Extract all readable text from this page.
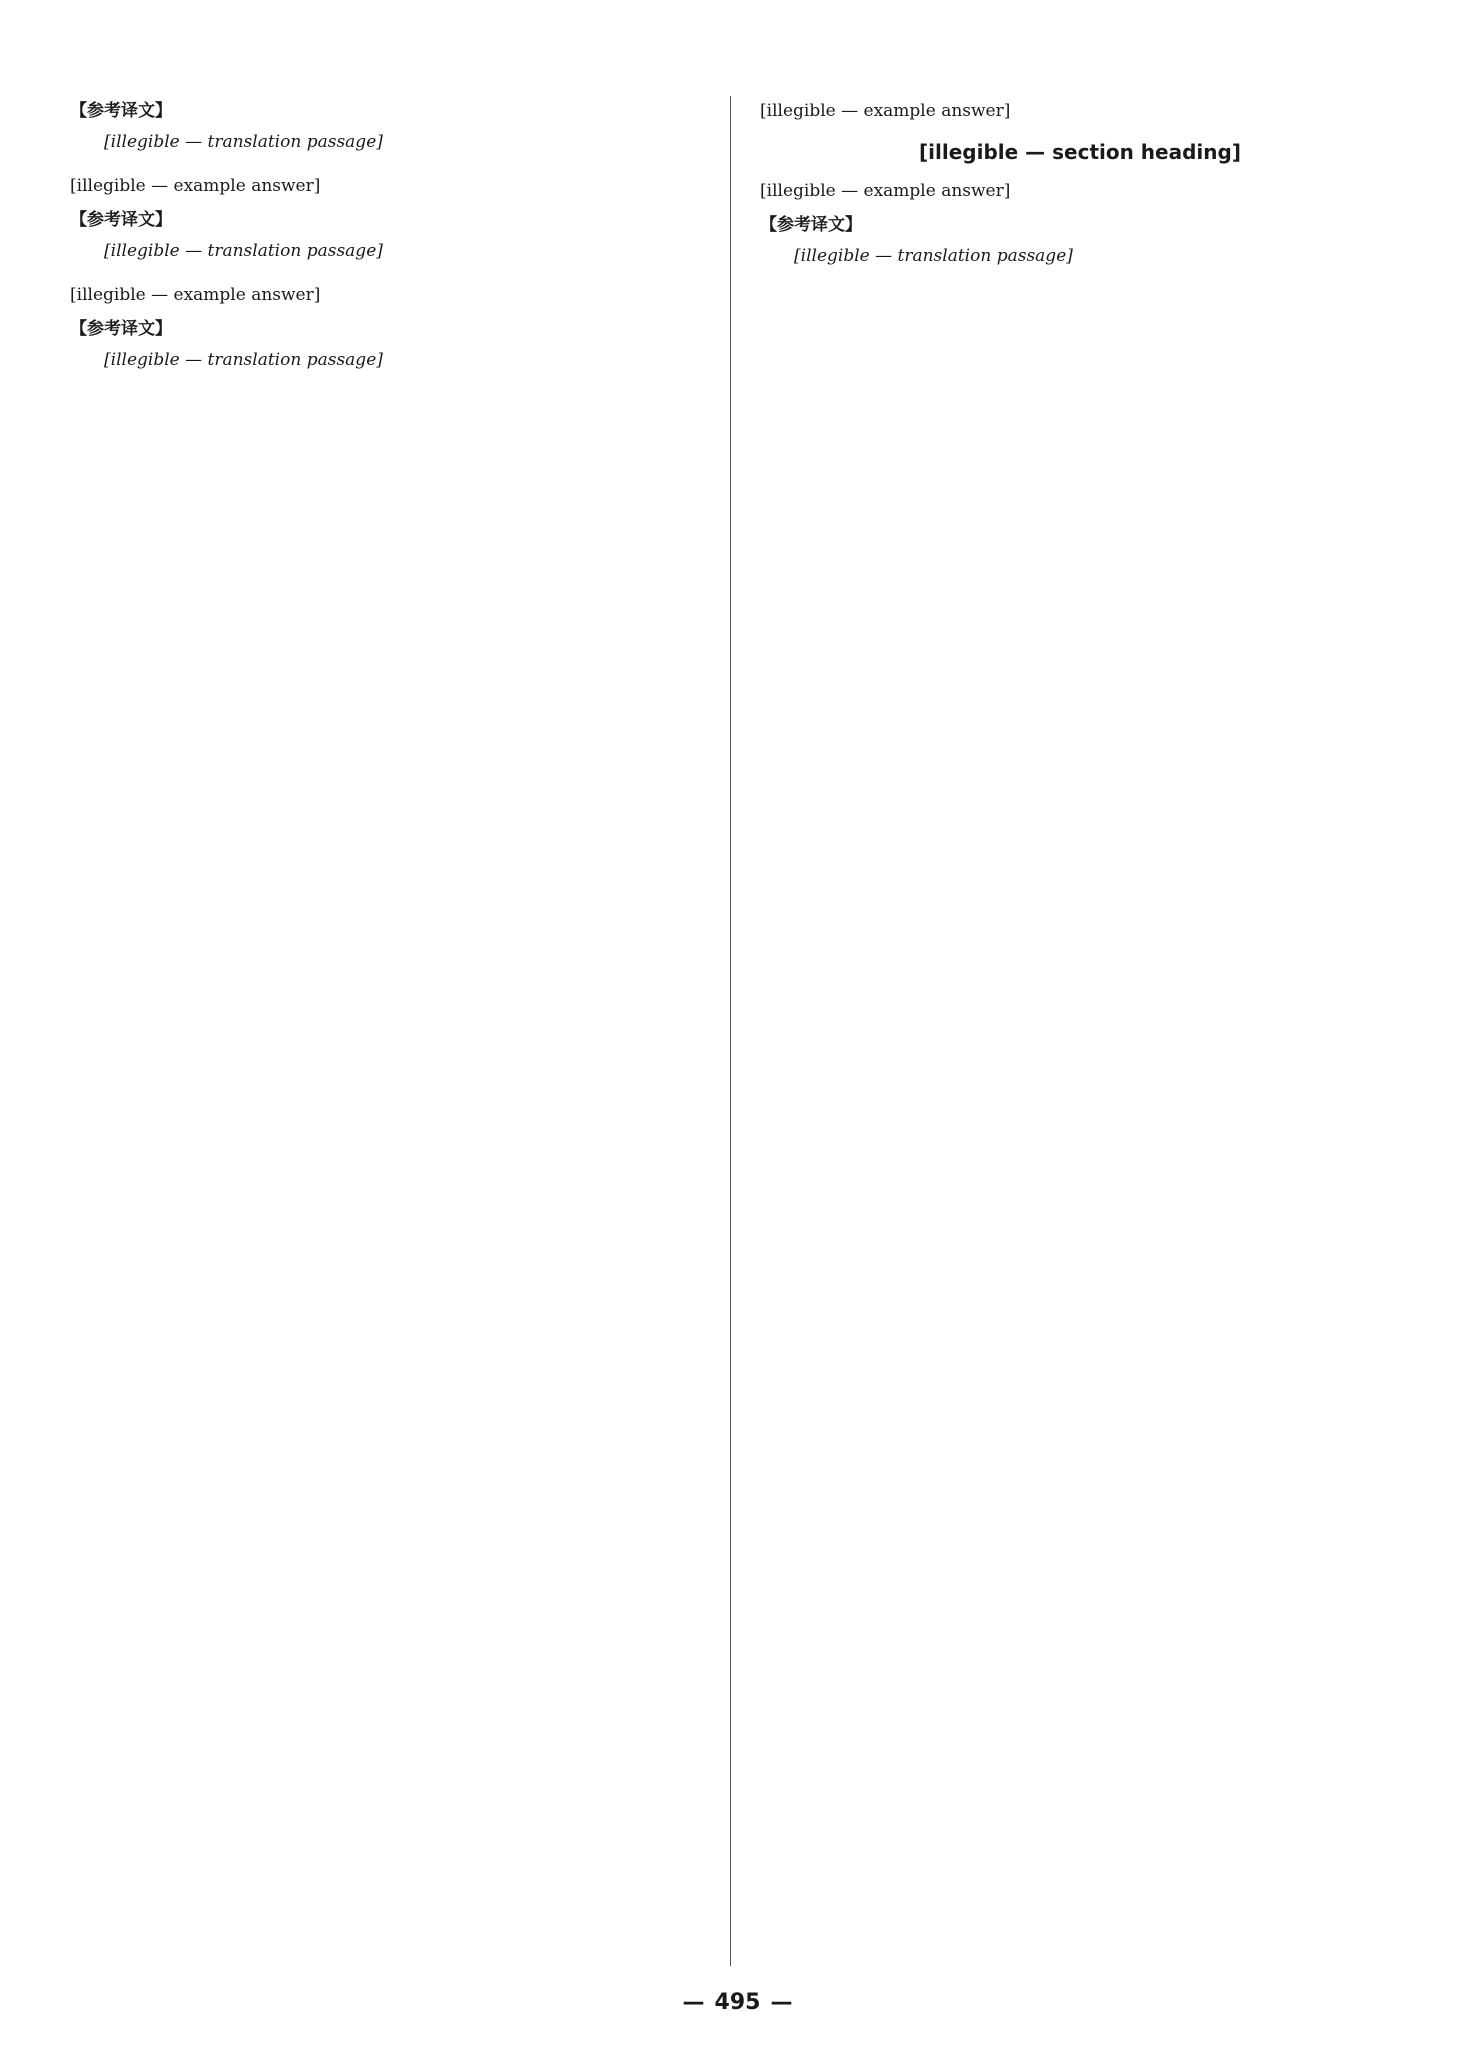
【参考译文】
[illegible — translation passage]
[illegible — example answer]
【参考译文】
[illegible — translation passage]
[illegible — example answer]
【参考译文】
[illegible — translation passage]
[illegible — example answer]
[illegible — section heading]
[illegible — example answer]
【参考译文】
[illegible — translation passage]
— 495 —
